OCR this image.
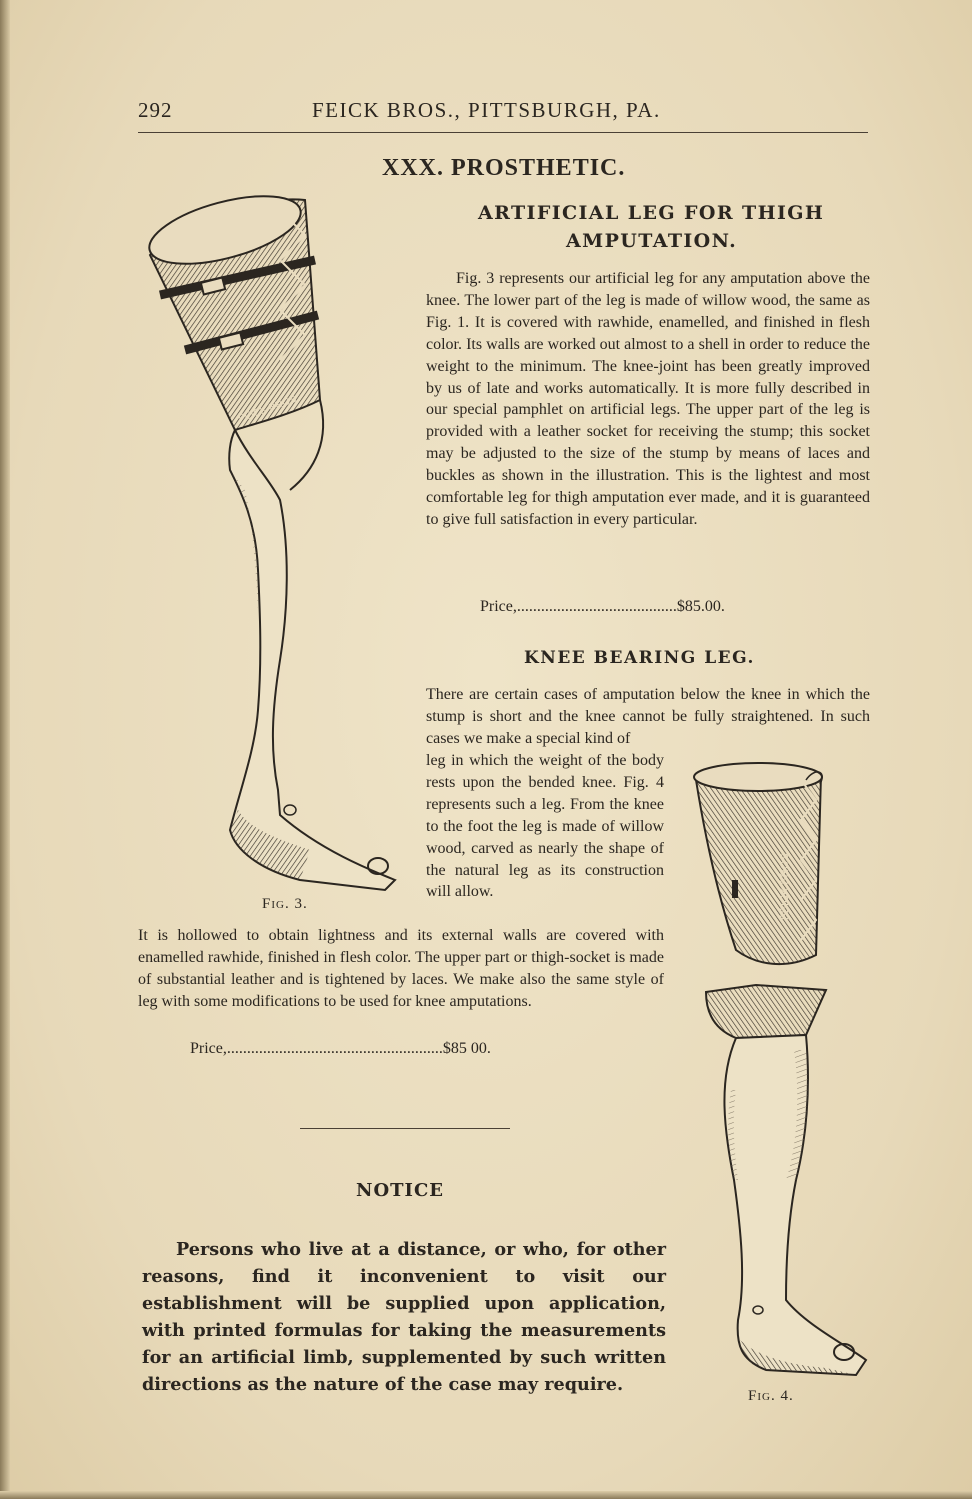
292	FEICK BROS., PITTSBURGH, PA.
XXX. PROSTHETIC.
ARTIFICIAL LEG FOR THIGH
AMPUTATION.

Fig. 3 represents our artificial leg for any amputation above the knee. The lower part of the leg is made of willow wood, the same as Fig. 1. It is covered with rawhide, enamelled, and finished in flesh color. Its walls are worked out almost to a shell in order to reduce the weight to the minimum. The knee-joint has been greatly improved by us of late and works automatically. It is more fully described in our special pamphlet on artificial legs. The upper part of the leg is provided with a leather socket for receiving the stump; this socket may be adjusted to the size of the stump by means of laces and buckles as shown in the illustration. This is the lightest and most comfortable leg for thigh amputation ever made, and it is guaranteed to give full satisfaction in every particular.

Price,........................................$85.00.
FEICK BROS.
Fig. 3.
KNEE BEARING LEG.

There are certain cases of amputation below the knee in which the stump is short and the knee cannot be fully straightened. In such cases we make a special kind of

leg in which the weight of the body rests upon the bended knee. Fig. 4 represents such a leg. From the knee to the foot the leg is made of willow wood, carved as nearly the shape of the natural leg as its construction will allow.

It is hollowed to obtain lightness and its external walls are covered with enamelled rawhide, finished in flesh color. The upper part or thigh-socket is made of substantial leather and is tightened by laces. We make also the same style of leg with some modifications to be used for knee amputations.

Price,......................................................$85 00.
FEICK BROS.
Fig. 4.
NOTICE

Persons who live at a distance, or who, for other reasons, find it inconvenient to visit our establishment will be supplied upon application, with printed formulas for taking the measurements for an artificial limb, supplemented by such written directions as the nature of the case may require.
